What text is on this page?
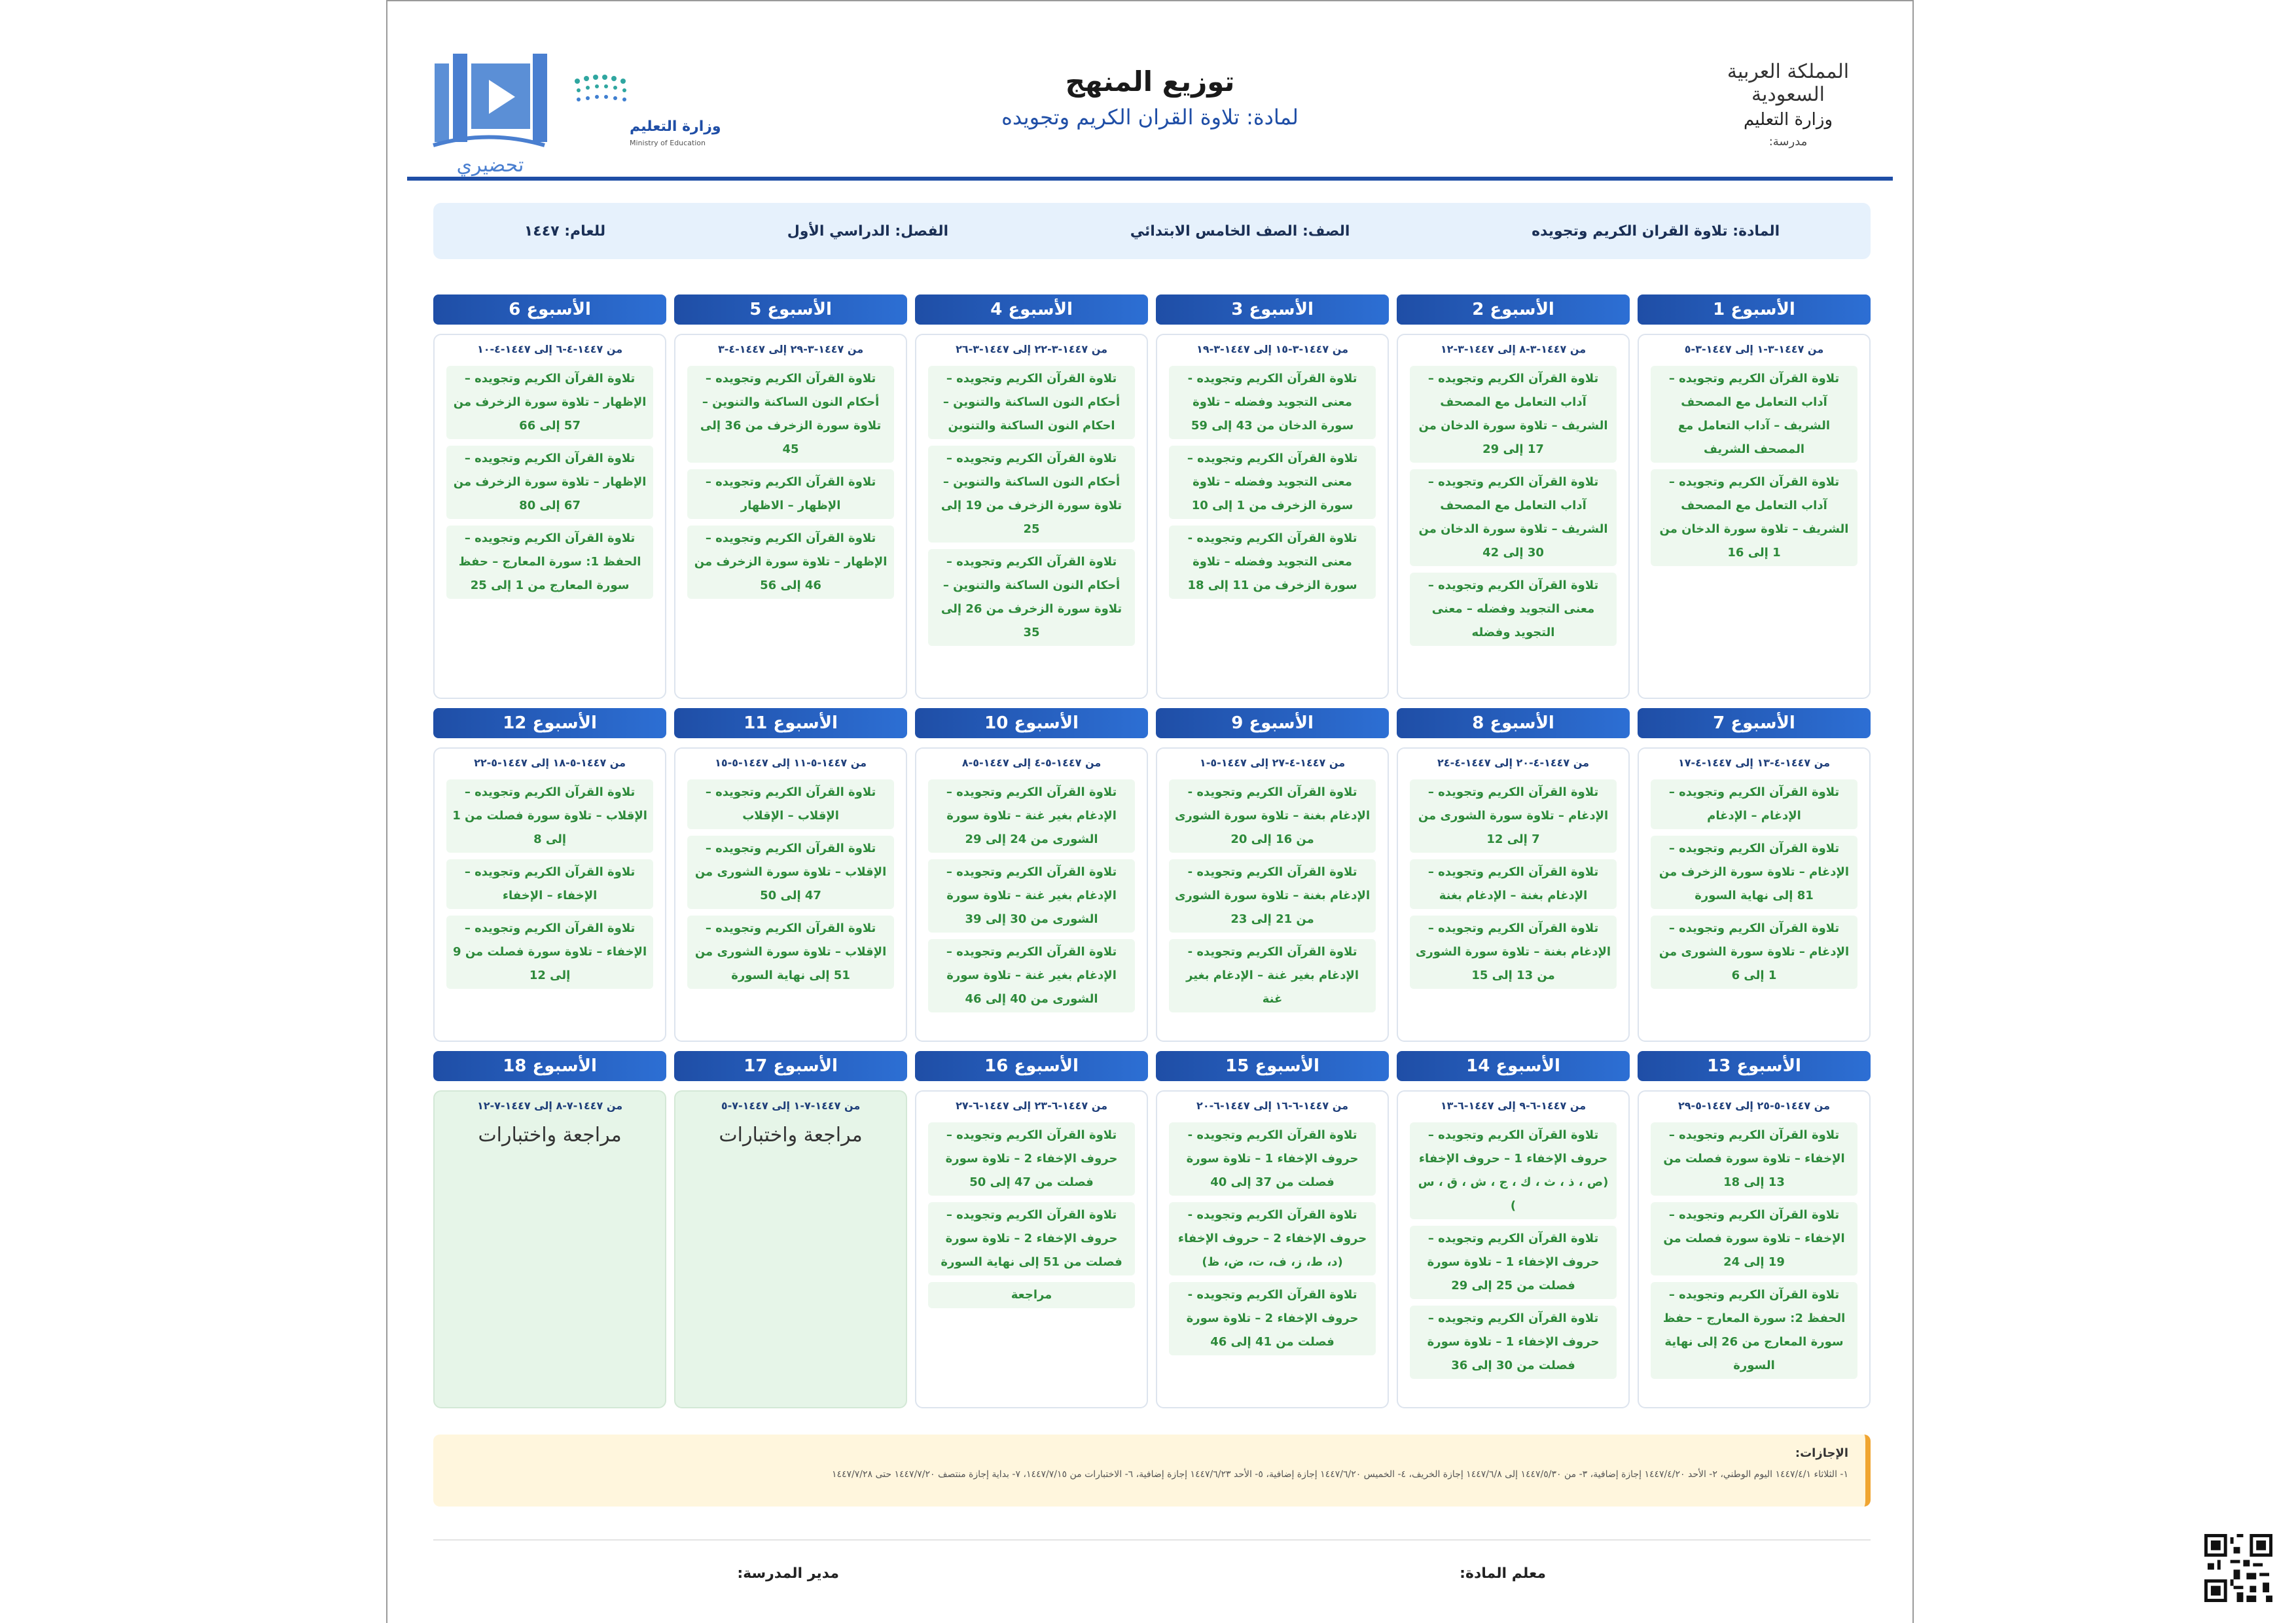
تحضيري
وزارة التعليم
Ministry of Education
توزيع المنهج
لمادة: تلاوة القران الكريم وتجويده
المملكة العربية السعودية
وزارة التعليم
مدرسة:
المادة: تلاوة القران الكريم وتجويده
الصف: الصف الخامس الابتدائي
الفصل: الدراسي الأول
للعام: ١٤٤٧
الأسبوع 1
من ١٤٤٧-٣-١ إلى ١٤٤٧-٣-٥
تلاوة القرآن الكريم وتجويده – آداب التعامل مع المصحف الشريف – آداب التعامل مع المصحف الشريف
تلاوة القرآن الكريم وتجويده – آداب التعامل مع المصحف الشريف – تلاوة سورة الدخان من 1 إلى 16
الأسبوع 2
من ١٤٤٧-٣-٨ إلى ١٤٤٧-٣-١٢
تلاوة القرآن الكريم وتجويده – آداب التعامل مع المصحف الشريف – تلاوة سورة الدخان من 17 إلى 29
تلاوة القرآن الكريم وتجويده – آداب التعامل مع المصحف الشريف – تلاوة سورة الدخان من 30 إلى 42
تلاوة القرآن الكريم وتجويده – معنى التجويد وفضله – معنى التجويد وفضله
الأسبوع 3
من ١٤٤٧-٣-١٥ إلى ١٤٤٧-٣-١٩
تلاوة القرآن الكريم وتجويده - معنى التجويد وفضله – تلاوة سورة الدخان من 43 إلى 59
تلاوة القرآن الكريم وتجويده – معنى التجويد وفضله – تلاوة سورة الزخرف من 1 إلى 10
تلاوة القرآن الكريم وتجويده - معنى التجويد وفضله – تلاوة سورة الزخرف من 11 إلى 18
الأسبوع 4
من ١٤٤٧-٣-٢٢ إلى ١٤٤٧-٣-٢٦
تلاوة القرآن الكريم وتجويده – أحكام النون الساكنة والتنوين – احكام النون الساكنة والتنوين
تلاوة القرآن الكريم وتجويده – أحكام النون الساكنة والتنوين – تلاوة سورة الزخرف من 19 إلى 25
تلاوة القرآن الكريم وتجويده – أحكام النون الساكنة والتنوين – تلاوة سورة الزخرف من 26 إلى 35
الأسبوع 5
من ١٤٤٧-٣-٢٩ إلى ١٤٤٧-٤-٣
تلاوة القرآن الكريم وتجويده – أحكام النون الساكنة والتنوين – تلاوة سورة الزخرف من 36 إلى 45
تلاوة القرآن الكريم وتجويده – الإظهار – الاظهار
تلاوة القرآن الكريم وتجويده – الإظهار – تلاوة سورة الزخرف من 46 إلى 56
الأسبوع 6
من ١٤٤٧-٤-٦ إلى ١٤٤٧-٤-١٠
تلاوة القرآن الكريم وتجويده – الإظهار – تلاوة سورة الزخرف من 57 إلى 66
تلاوة القرآن الكريم وتجويده – الإظهار – تلاوة سورة الزخرف من 67 إلى 80
تلاوة القرآن الكريم وتجويده – الحفظ 1: سورة المعارج – حفظ سورة المعارج من 1 إلى 25
الأسبوع 7
من ١٤٤٧-٤-١٣ إلى ١٤٤٧-٤-١٧
تلاوة القرآن الكريم وتجويده – الإدغام – الإدغام
تلاوة القرآن الكريم وتجويده – الإدغام – تلاوة سورة الزخرف من 81 إلى نهاية السورة
تلاوة القرآن الكريم وتجويده – الإدغام – تلاوة سورة الشورى من 1 إلى 6
الأسبوع 8
من ١٤٤٧-٤-٢٠ إلى ١٤٤٧-٤-٢٤
تلاوة القرآن الكريم وتجويده – الإدغام – تلاوة سورة الشورى من 7 إلى 12
تلاوة القرآن الكريم وتجويده – الإدغام بغنة – الإدغام بغنة
تلاوة القرآن الكريم وتجويده – الإدغام بغنة – تلاوة سورة الشورى من 13 إلى 15
الأسبوع 9
من ١٤٤٧-٤-٢٧ إلى ١٤٤٧-٥-١
تلاوة القرآن الكريم وتجويده - الإدغام بغنة – تلاوة سورة الشورى من 16 إلى 20
تلاوة القرآن الكريم وتجويده - الإدغام بغنة – تلاوة سورة الشورى من 21 إلى 23
تلاوة القرآن الكريم وتجويده - الإدغام بغير غنة – الإدغام بغير غنة
الأسبوع 10
من ١٤٤٧-٥-٤ إلى ١٤٤٧-٥-٨
تلاوة القرآن الكريم وتجويده – الإدغام بغير غنة – تلاوة سورة الشورى من 24 إلى 29
تلاوة القرآن الكريم وتجويده – الإدغام بغير غنة – تلاوة سورة الشورى من 30 إلى 39
تلاوة القرآن الكريم وتجويده – الإدغام بغير غنة – تلاوة سورة الشورى من 40 إلى 46
الأسبوع 11
من ١٤٤٧-٥-١١ إلى ١٤٤٧-٥-١٥
تلاوة القرآن الكريم وتجويده – الإقلاب – الإقلاب
تلاوة القرآن الكريم وتجويده – الإقلاب – تلاوة سورة الشورى من 47 إلى 50
تلاوة القرآن الكريم وتجويده – الإقلاب – تلاوة سورة الشورى من 51 إلى نهاية السورة
الأسبوع 12
من ١٤٤٧-٥-١٨ إلى ١٤٤٧-٥-٢٢
تلاوة القرآن الكريم وتجويده – الإقلاب – تلاوة سورة فصلت من 1 إلى 8
تلاوة القرآن الكريم وتجويده – الإخفاء – الإخفاء
تلاوة القرآن الكريم وتجويده – الإخفاء – تلاوة سورة فصلت من 9 إلى 12
الأسبوع 13
من ١٤٤٧-٥-٢٥ إلى ١٤٤٧-٥-٢٩
تلاوة القرآن الكريم وتجويده – الإخفاء – تلاوة سورة فصلت من 13 إلى 18
تلاوة القرآن الكريم وتجويده – الإخفاء – تلاوة سورة فصلت من 19 إلى 24
تلاوة القرآن الكريم وتجويده – الحفظ 2: سورة المعارج – حفظ سورة المعارج من 26 إلى نهاية السورة
الأسبوع 14
من ١٤٤٧-٦-٩ إلى ١٤٤٧-٦-١٣
تلاوة القرآن الكريم وتجويده – حروف الإخفاء 1 – حروف الإخفاء (ص ، ذ ، ث ، ك ، ج ، ش ، ق ، س )
تلاوة القرآن الكريم وتجويده – حروف الإخفاء 1 – تلاوة سورة فصلت من 25 إلى 29
تلاوة القرآن الكريم وتجويده – حروف الإخفاء 1 – تلاوة سورة فصلت من 30 إلى 36
الأسبوع 15
من ١٤٤٧-٦-١٦ إلى ١٤٤٧-٦-٢٠
تلاوة القرآن الكريم وتجويده - حروف الإخفاء 1 – تلاوة سورة فصلت من 37 إلى 40
تلاوة القرآن الكريم وتجويده - حروف الإخفاء 2 – حروف الإخفاء (د، ط، ز، ف، ت، ض، ظ)
تلاوة القرآن الكريم وتجويده - حروف الإخفاء 2 – تلاوة سورة فصلت من 41 إلى 46
الأسبوع 16
من ١٤٤٧-٦-٢٣ إلى ١٤٤٧-٦-٢٧
تلاوة القرآن الكريم وتجويده – حروف الإخفاء 2 – تلاوة سورة فصلت من 47 إلى 50
تلاوة القرآن الكريم وتجويده – حروف الإخفاء 2 – تلاوة سورة فصلت من 51 إلى نهاية السورة
مراجعة
الأسبوع 17
من ١٤٤٧-٧-١ إلى ١٤٤٧-٧-٥
مراجعة واختبارات
الأسبوع 18
من ١٤٤٧-٧-٨ إلى ١٤٤٧-٧-١٢
مراجعة واختبارات
الإجازات:
١- الثلاثاء ١٤٤٧/٤/١ اليوم الوطني، ٢- الأحد ١٤٤٧/٤/٢٠ إجازة إضافية، ٣- من ١٤٤٧/٥/٣٠ إلى ١٤٤٧/٦/٨ إجازة الخريف، ٤- الخميس ١٤٤٧/٦/٢٠ إجازة إضافية، ٥- الأحد ١٤٤٧/٦/٢٣ إجازة إضافية، ٦- الاختبارات من ١٤٤٧/٧/١٥، ٧- بداية إجازة منتصف ١٤٤٧/٧/٢٠ حتى ١٤٤٧/٧/٢٨
معلم المادة:
مدير المدرسة:
